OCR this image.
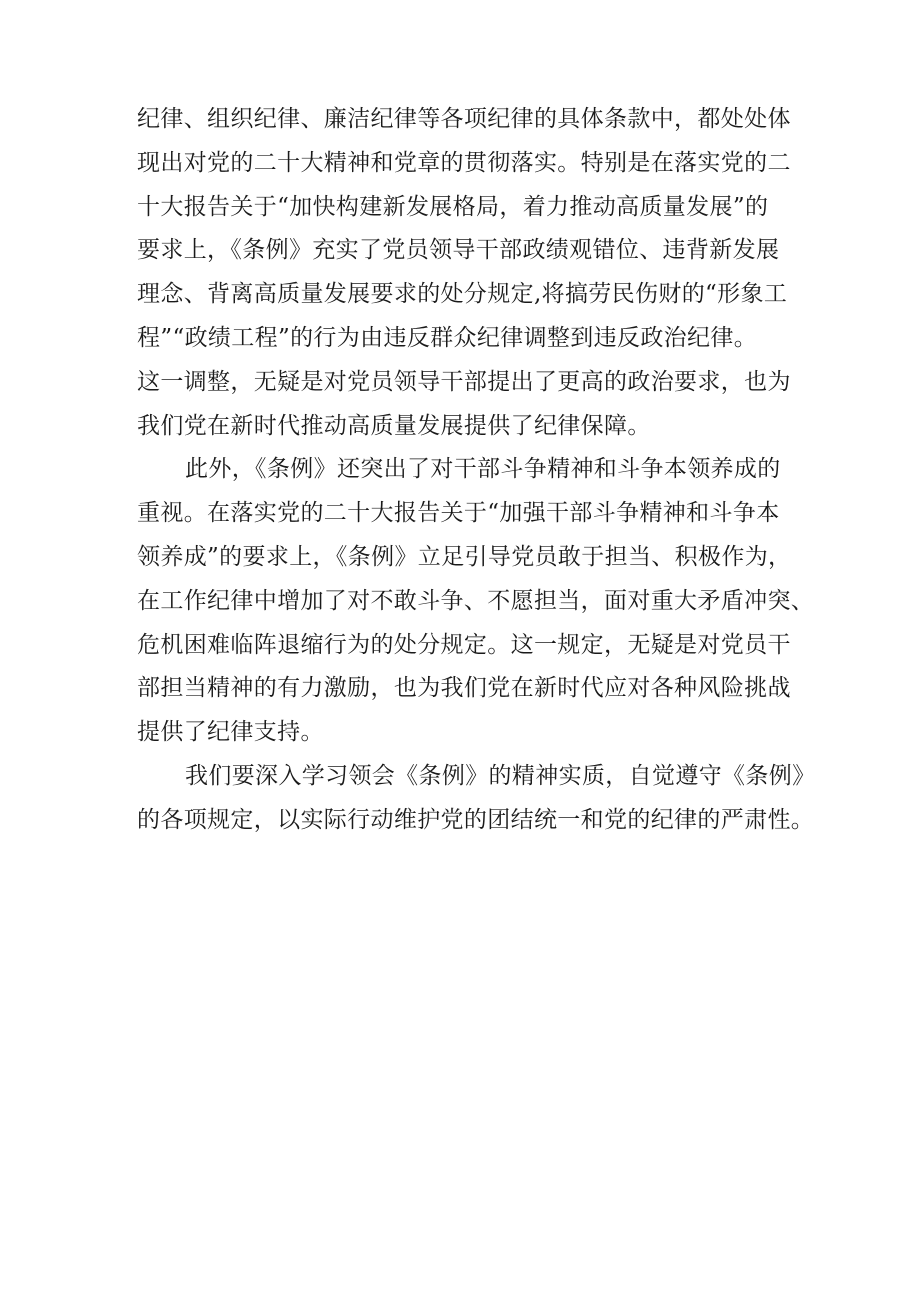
纪律、组织纪律、廉洁纪律等各项纪律的具体条款中，都处处体
现出对党的二十大精神和党章的贯彻落实。特别是在落实党的二
十大报告关于“加快构建新发展格局，着力推动高质量发展”的
要求上，《条例》充实了党员领导干部政绩观错位、违背新发展
理念、背离高质量发展要求的处分规定,将搞劳民伤财的“形象工
程”“政绩工程”的行为由违反群众纪律调整到违反政治纪律。
这一调整，无疑是对党员领导干部提出了更高的政治要求，也为
我们党在新时代推动高质量发展提供了纪律保障。
此外，《条例》还突出了对干部斗争精神和斗争本领养成的
重视。在落实党的二十大报告关于“加强干部斗争精神和斗争本
领养成”的要求上，《条例》立足引导党员敢于担当、积极作为，
在工作纪律中增加了对不敢斗争、不愿担当，面对重大矛盾冲突、
危机困难临阵退缩行为的处分规定。这一规定，无疑是对党员干
部担当精神的有力激励，也为我们党在新时代应对各种风险挑战
提供了纪律支持。
我们要深入学习领会《条例》的精神实质，自觉遵守《条例》
的各项规定，以实际行动维护党的团结统一和党的纪律的严肃性。
